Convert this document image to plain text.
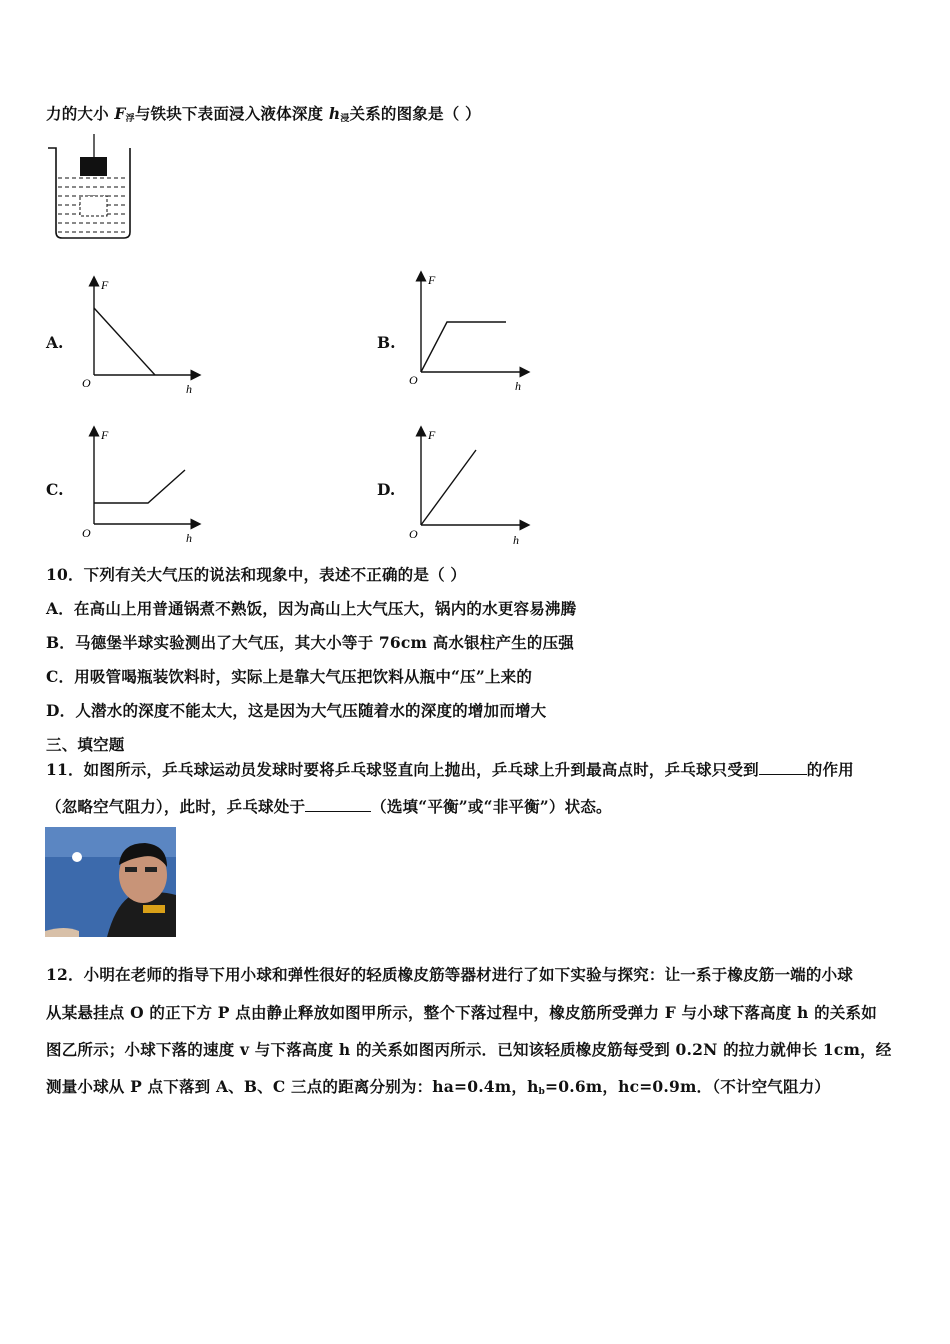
力的大小 $F_浮$与铁块下表面浸入液体深度 $h_浸$关系的图象是（ ）
A.	B.
C.	D.
F
h
O
F
h
O
F
h
O
F
h
O
10．下列有关大气压的说法和现象中，表述不正确的是（ ）
A．在高山上用普通锅煮不熟饭，因为高山上大气压大，锅内的水更容易沸腾
B．马德堡半球实验测出了大气压，其大小等于 76cm 高水银柱产生的压强
C．用吸管喝瓶装饮料时，实际上是靠大气压把饮料从瓶中“压”上来的
D．人潜水的深度不能太大，这是因为大气压随着水的深度的增加而增大
三、填空题
11．如图所示，乒乓球运动员发球时要将乒乓球竖直向上抛出，乒乓球上升到最高点时，乒乓球只受到	的作用
（忽略空气阻力），此时，乒乓球处于	（选填“平衡”或“非平衡”）状态。
12．小明在老师的指导下用小球和弹性很好的轻质橡皮筋等器材进行了如下实验与探究：让一系于橡皮筋一端的小球
从某悬挂点 O 的正下方 P 点由静止释放如图甲所示，整个下落过程中，橡皮筋所受弹力 F 与小球下落高度 h 的关系如
图乙所示；小球下落的速度 v 与下落高度 h 的关系如图丙所示．已知该轻质橡皮筋每受到 0.2N 的拉力就伸长 1cm，经
测量小球从 P 点下落到 A、B、C 三点的距离分别为：ha=0.4m，$h_b=0.6m$，hc=0.9m．（不计空气阻力）
